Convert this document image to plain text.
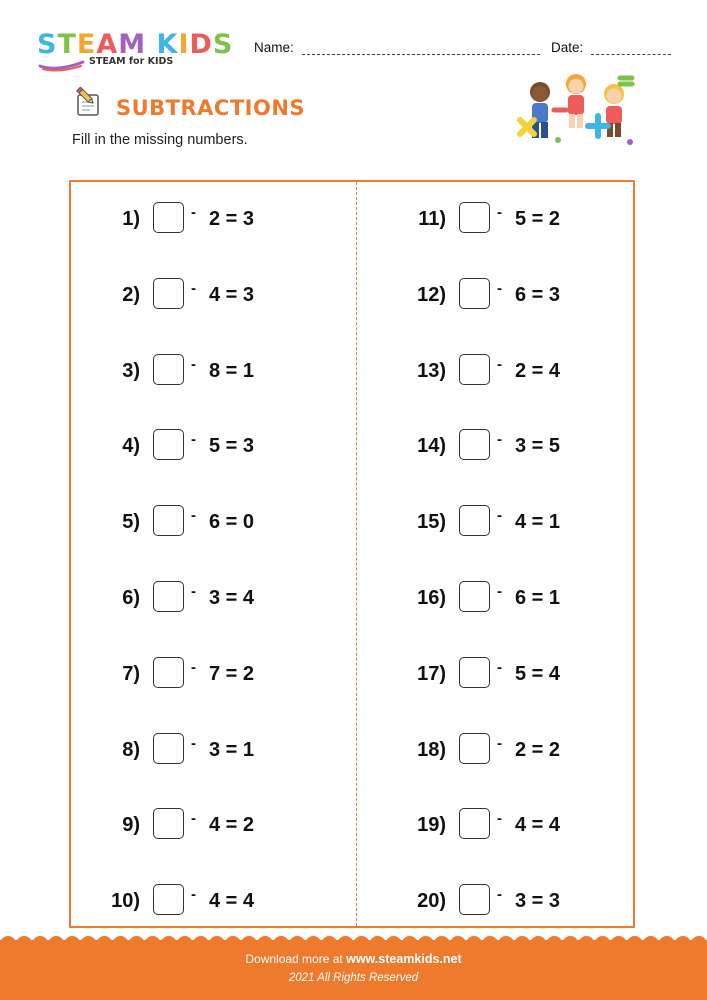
STEAM KIDS
STEAM for KIDS
Name:	Date:
SUBTRACTIONS
Fill in the missing numbers.
1)	- 2 = 3
2)	- 4 = 3
3)	- 8 = 1
4)	- 5 = 3
5)	- 6 = 0
6)	- 3 = 4
7)	- 7 = 2
8)	- 3 = 1
9)	- 4 = 2
10)	- 4 = 4
11)	- 5 = 2
12)	- 6 = 3
13)	- 2 = 4
14)	- 3 = 5
15)	- 4 = 1
16)	- 6 = 1
17)	- 5 = 4
18)	- 2 = 2
19)	- 4 = 4
20)	- 3 = 3
Download more at www.steamkids.net
2021 All Rights Reserved
